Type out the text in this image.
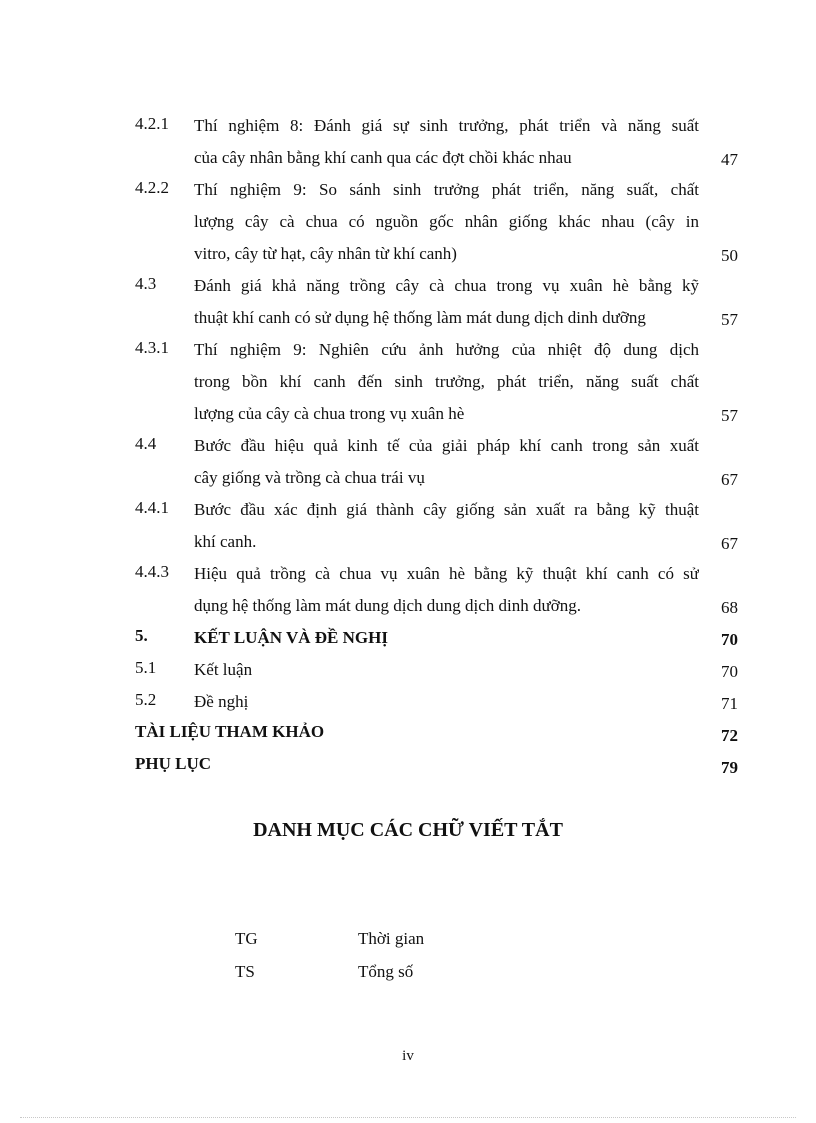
4.2.1 Thí nghiệm 8: Đánh giá sự sinh trưởng, phát triển và năng suất
của cây nhân bằng khí canh qua các đợt chồi khác nhau	47
4.2.2 Thí nghiệm 9: So sánh sinh trưởng phát triển, năng suất, chất
lượng cây cà chua có nguồn gốc nhân giống khác nhau (cây in
vitro, cây từ hạt, cây nhân từ khí canh)	50
4.3 Đánh giá khả năng trồng cây cà chua trong vụ xuân hè bằng kỹ
thuật khí canh có sử dụng hệ thống làm mát dung dịch dinh dưỡng	57
4.3.1 Thí nghiệm 9: Nghiên cứu ảnh hưởng của nhiệt độ dung dịch
trong bồn khí canh đến sinh trưởng, phát triển, năng suất chất
lượng của cây cà chua trong vụ xuân hè	57
4.4 Bước đầu hiệu quả kinh tế của giải pháp khí canh trong sản xuất
cây giống và trồng cà chua trái vụ	67
4.4.1 Bước đầu xác định giá thành cây giống sản xuất ra bằng kỹ thuật
khí canh.	67
4.4.3 Hiệu quả trồng cà chua vụ xuân hè bằng kỹ thuật khí canh có sử
dụng hệ thống làm mát dung dịch dung dịch dinh dưỡng.	68
5.	KẾT LUẬN VÀ ĐỀ NGHỊ	70
5.1 Kết luận	70
5.2 Đề nghị	71
TÀI LIỆU THAM KHẢO	72
PHỤ LỤC	79
DANH MỤC CÁC CHỮ VIẾT TẮT
TG	Thời gian
TS	Tổng số
iv
